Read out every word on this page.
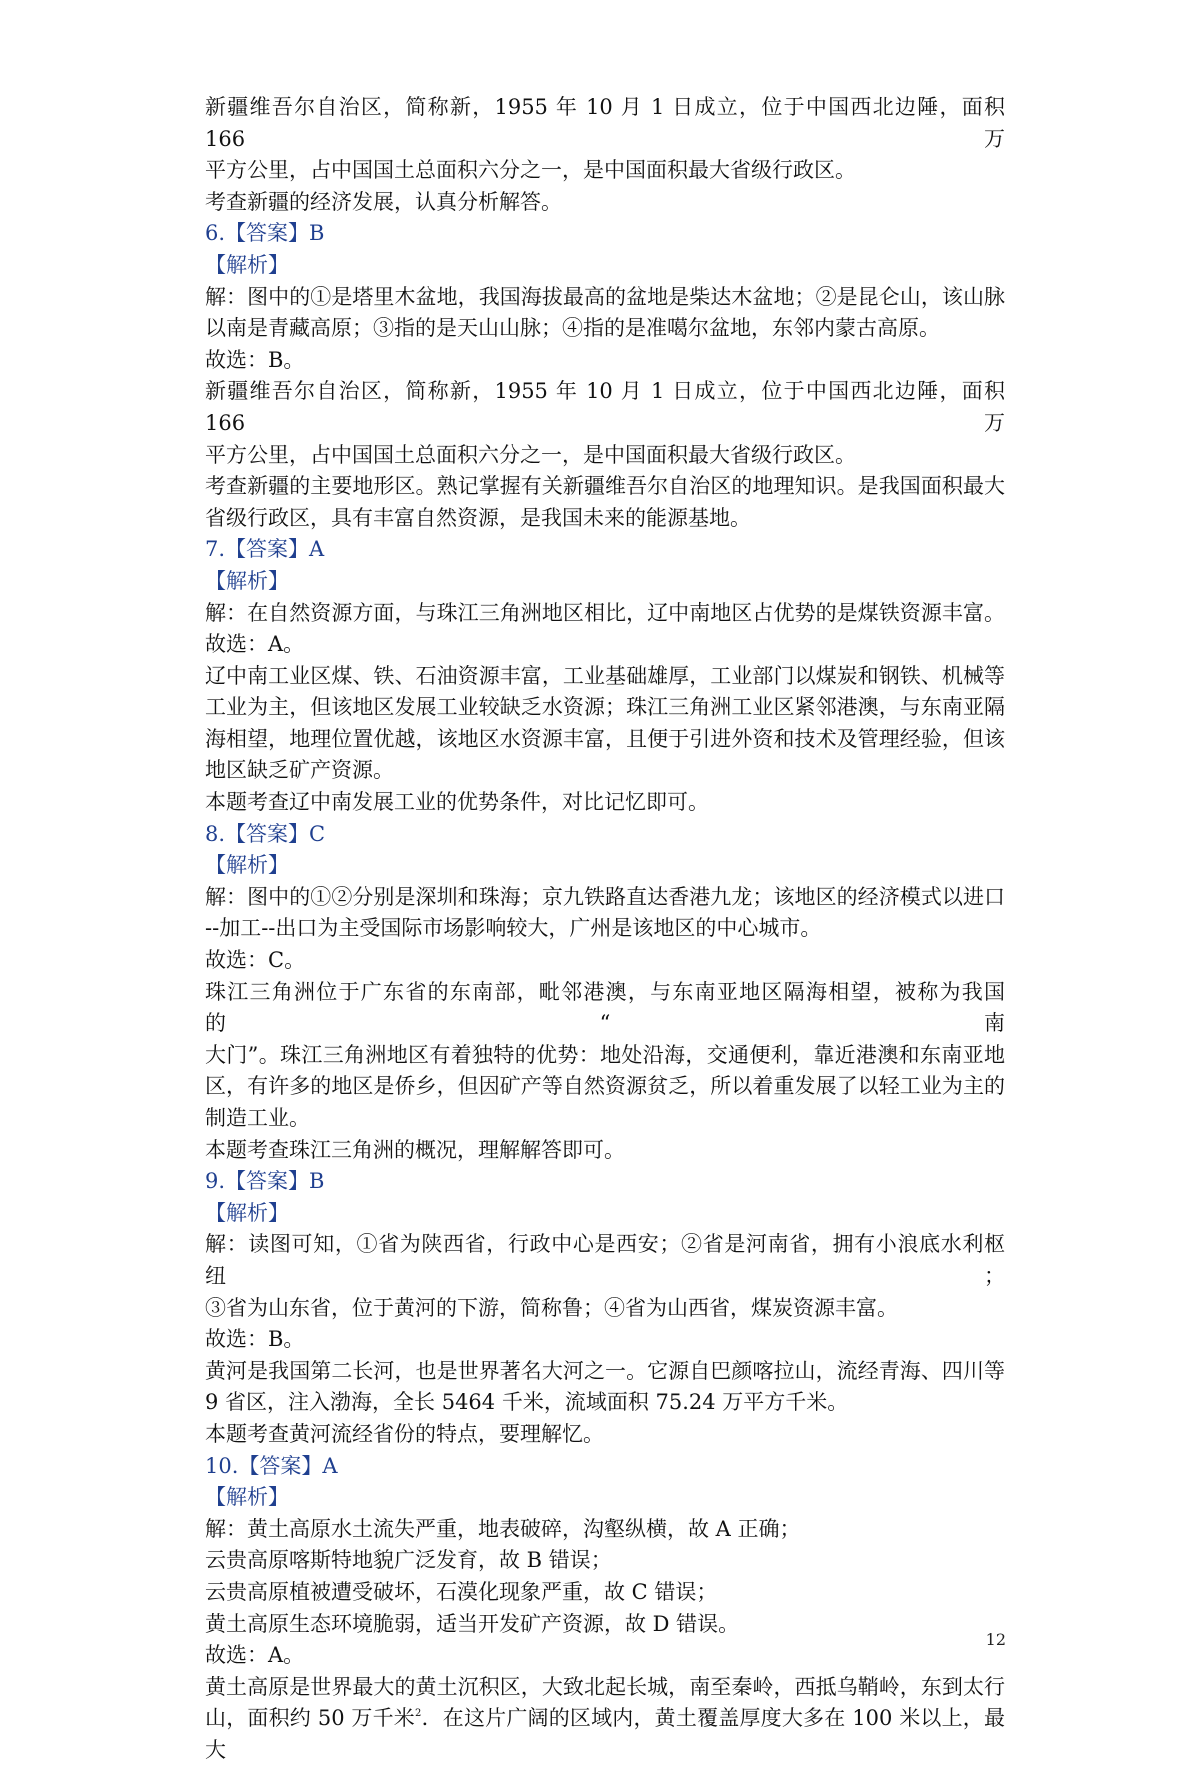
新疆维吾尔自治区，简称新，1955 年 10 月 1 日成立，位于中国西北边陲，面积 166 万
平方公里，占中国国土总面积六分之一，是中国面积最大省级行政区。
考查新疆的经济发展，认真分析解答。
6.【答案】B
【解析】
解：图中的①是塔里木盆地，我国海拔最高的盆地是柴达木盆地；②是昆仑山，该山脉
以南是青藏高原；③指的是天山山脉；④指的是准噶尔盆地，东邻内蒙古高原。
故选：B。
新疆维吾尔自治区，简称新，1955 年 10 月 1 日成立，位于中国西北边陲，面积 166 万
平方公里，占中国国土总面积六分之一，是中国面积最大省级行政区。
考查新疆的主要地形区。熟记掌握有关新疆维吾尔自治区的地理知识。是我国面积最大
省级行政区，具有丰富自然资源，是我国未来的能源基地。
7.【答案】A
【解析】
解：在自然资源方面，与珠江三角洲地区相比，辽中南地区占优势的是煤铁资源丰富。
故选：A。
辽中南工业区煤、铁、石油资源丰富，工业基础雄厚，工业部门以煤炭和钢铁、机械等
工业为主，但该地区发展工业较缺乏水资源；珠江三角洲工业区紧邻港澳，与东南亚隔
海相望，地理位置优越，该地区水资源丰富，且便于引进外资和技术及管理经验，但该
地区缺乏矿产资源。
本题考查辽中南发展工业的优势条件，对比记忆即可。
8.【答案】C
【解析】
解：图中的①②分别是深圳和珠海；京九铁路直达香港九龙；该地区的经济模式以进口
--加工--出口为主受国际市场影响较大，广州是该地区的中心城市。
故选：C。
珠江三角洲位于广东省的东南部，毗邻港澳，与东南亚地区隔海相望，被称为我国的“南
大门”。珠江三角洲地区有着独特的优势：地处沿海，交通便利，靠近港澳和东南亚地
区，有许多的地区是侨乡，但因矿产等自然资源贫乏，所以着重发展了以轻工业为主的
制造工业。
本题考查珠江三角洲的概况，理解解答即可。
9.【答案】B
【解析】
解：读图可知，①省为陕西省，行政中心是西安；②省是河南省，拥有小浪底水利枢纽；
③省为山东省，位于黄河的下游，简称鲁；④省为山西省，煤炭资源丰富。
故选：B。
黄河是我国第二长河，也是世界著名大河之一。它源自巴颜喀拉山，流经青海、四川等
9 省区，注入渤海，全长 5464 千米，流域面积 75.24 万平方千米。
本题考查黄河流经省份的特点，要理解忆。
10.【答案】A
【解析】
解：黄土高原水土流失严重，地表破碎，沟壑纵横，故 A 正确；
云贵高原喀斯特地貌广泛发育，故 B 错误；
云贵高原植被遭受破坏，石漠化现象严重，故 C 错误；
黄土高原生态环境脆弱，适当开发矿产资源，故 D 错误。
故选：A。
黄土高原是世界最大的黄土沉积区，大致北起长城，南至秦岭，西抵乌鞘岭，东到太行
山，面积约 50 万千米$^2$．在这片广阔的区域内，黄土覆盖厚度大多在 100 米以上，最大
12
